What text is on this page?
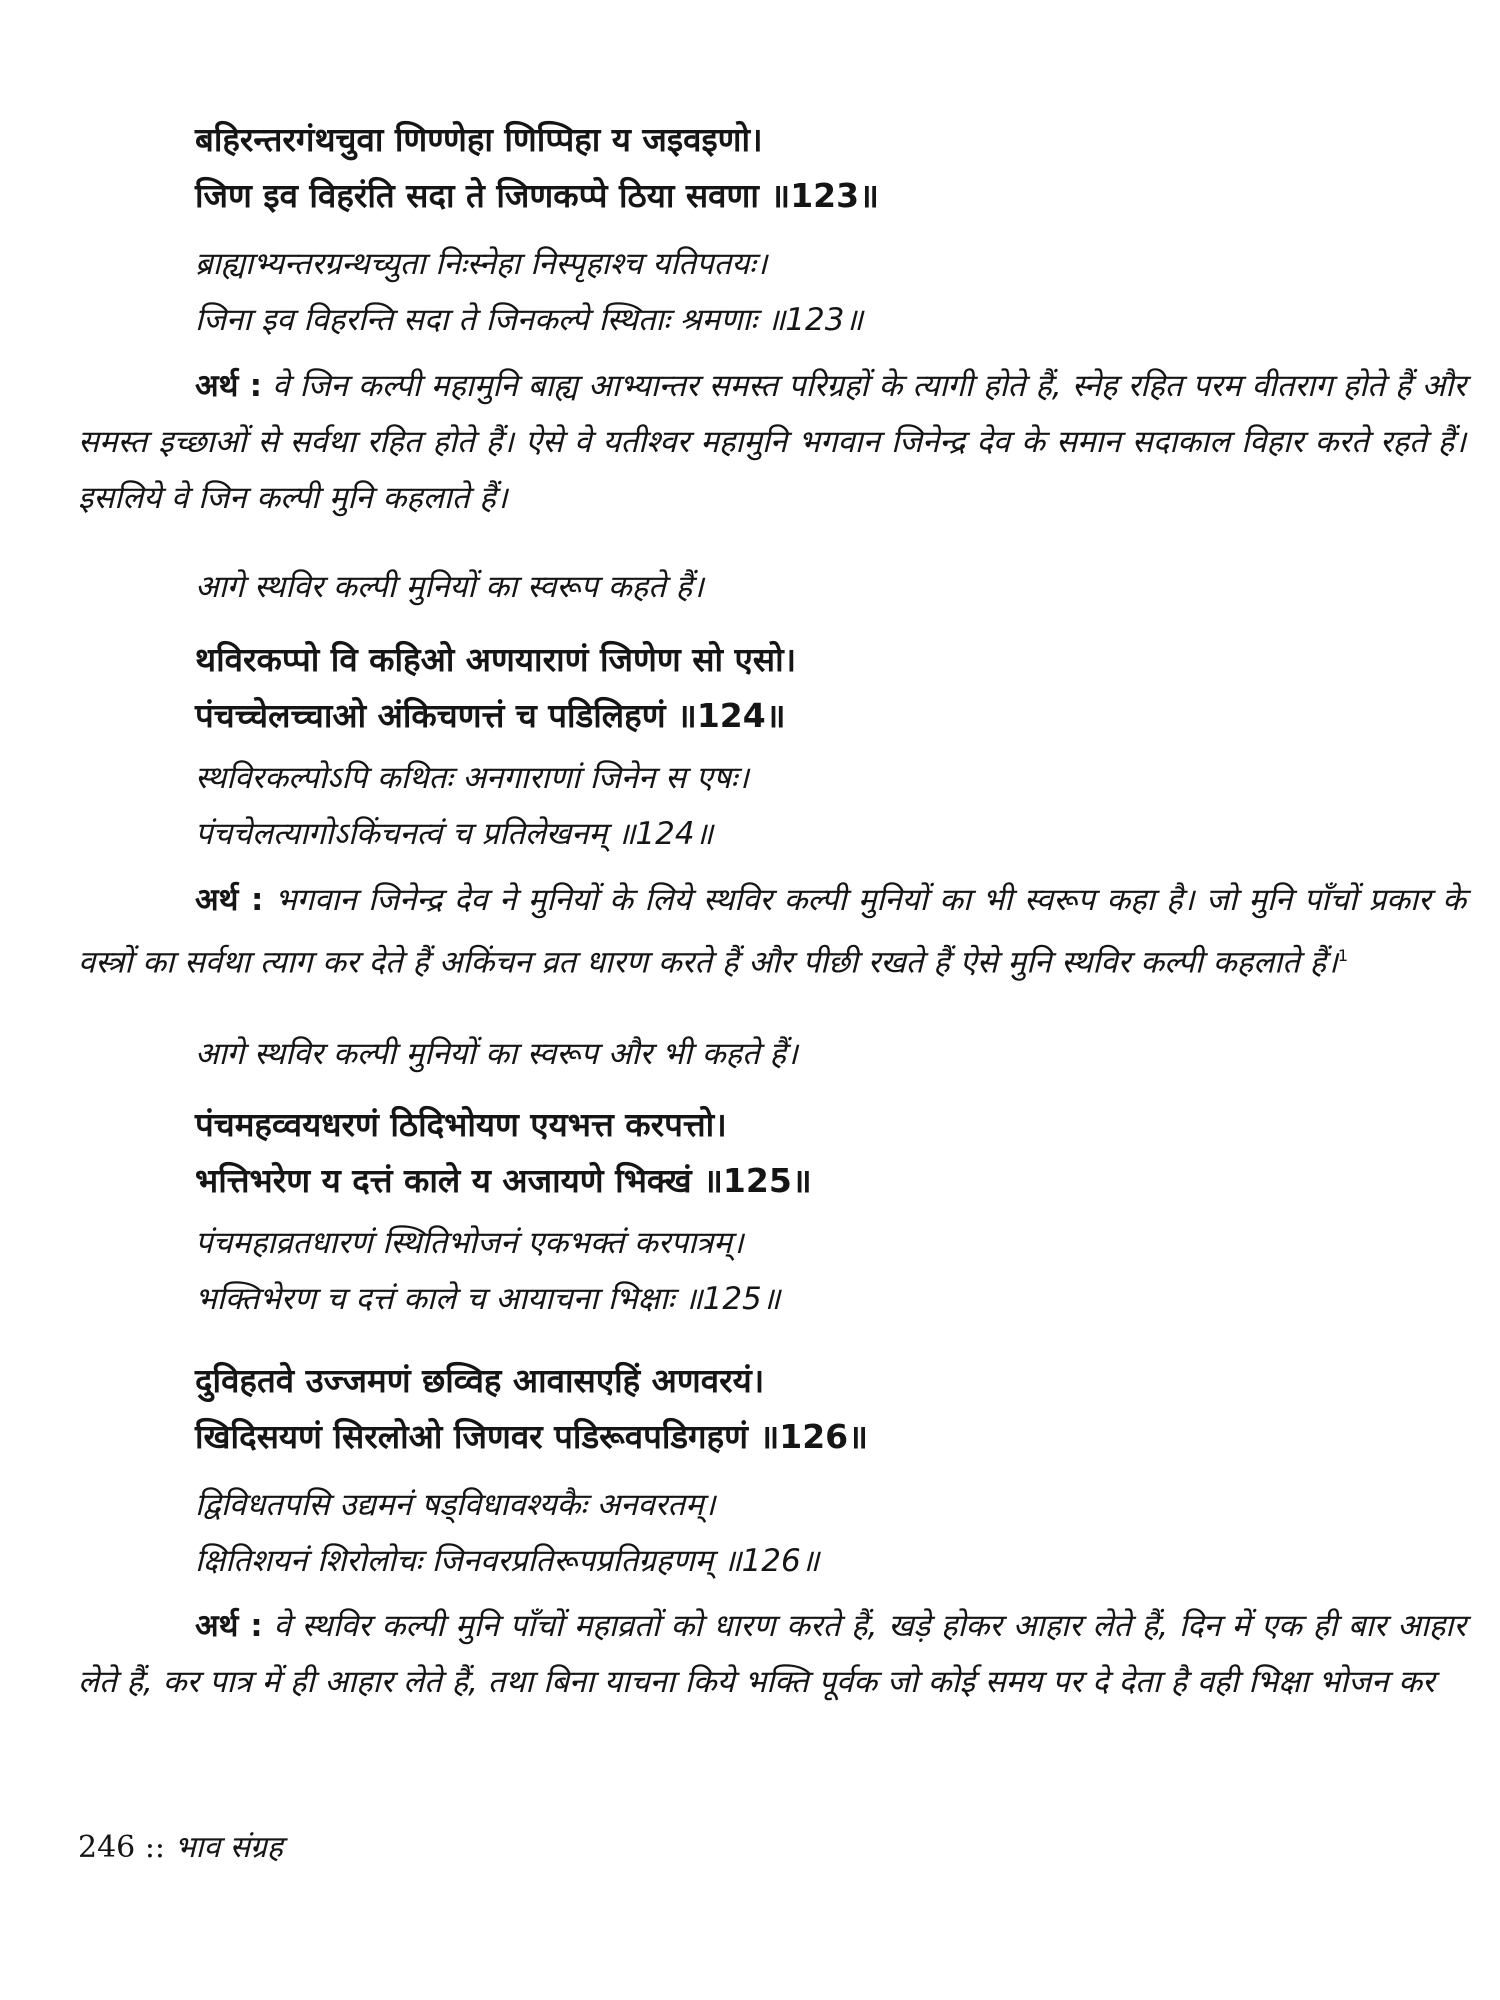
बहिरन्तरगंथचुवा णिण्णेहा णिप्पिहा य जइवइणो।
जिण इव विहरंति सदा ते जिणकप्पे ठिया सवणा ॥123॥
ब्राह्याभ्यन्तरग्रन्थच्युता निःस्नेहा निस्पृहाश्च यतिपतयः।
जिना इव विहरन्ति सदा ते जिनकल्पे स्थिताः श्रमणाः ॥123॥
अर्थ : वे जिन कल्पी महामुनि बाह्य आभ्यान्तर समस्त परिग्रहों के त्यागी होते हैं, स्नेह रहित परम वीतराग होते हैं और समस्त इच्छाओं से सर्वथा रहित होते हैं। ऐसे वे यतीश्वर महामुनि भगवान जिनेन्द्र देव के समान सदाकाल विहार करते रहते हैं। इसलिये वे जिन कल्पी मुनि कहलाते हैं।
आगे स्थविर कल्पी मुनियों का स्वरूप कहते हैं।
थविरकप्पो वि कहिओ अणयाराणं जिणेण सो एसो।
पंचच्चेलच्चाओ अंकिचणत्तं च पडिलिहणं ॥124॥
स्थविरकल्पोऽपि कथितः अनगाराणां जिनेन स एषः।
पंचचेलत्यागोऽकिंचनत्वं च प्रतिलेखनम् ॥124॥
अर्थ : भगवान जिनेन्द्र देव ने मुनियों के लिये स्थविर कल्पी मुनियों का भी स्वरूप कहा है। जो मुनि पाँचों प्रकार के वस्त्रों का सर्वथा त्याग कर देते हैं अकिंचन व्रत धारण करते हैं और पीछी रखते हैं ऐसे मुनि स्थविर कल्पी कहलाते हैं।$^1$
आगे स्थविर कल्पी मुनियों का स्वरूप और भी कहते हैं।
पंचमहव्वयधरणं ठिदिभोयण एयभत्त करपत्तो।
भत्तिभरेण य दत्तं काले य अजायणे भिक्खं ॥125॥
पंचमहाव्रतधारणं स्थितिभोजनं एकभक्तं करपात्रम्।
भक्तिभेरण च दत्तं काले च आयाचना भिक्षाः ॥125॥
दुविहतवे उज्जमणं छव्विह आवासएहिं अणवरयं।
खिदिसयणं सिरलोओ जिणवर पडिरूवपडिगहणं ॥126॥
द्विविधतपसि उद्यमनं षड्विधावश्यकैः अनवरतम्।
क्षितिशयनं शिरोलोचः जिनवरप्रतिरूपप्रतिग्रहणम् ॥126॥
अर्थ : वे स्थविर कल्पी मुनि पाँचों महाव्रतों को धारण करते हैं, खड़े होकर आहार लेते हैं, दिन में एक ही बार आहार लेते हैं, कर पात्र में ही आहार लेते हैं, तथा बिना याचना किये भक्ति पूर्वक जो कोई समय पर दे देता है वही भिक्षा भोजन कर
246 :: भाव संग्रह
